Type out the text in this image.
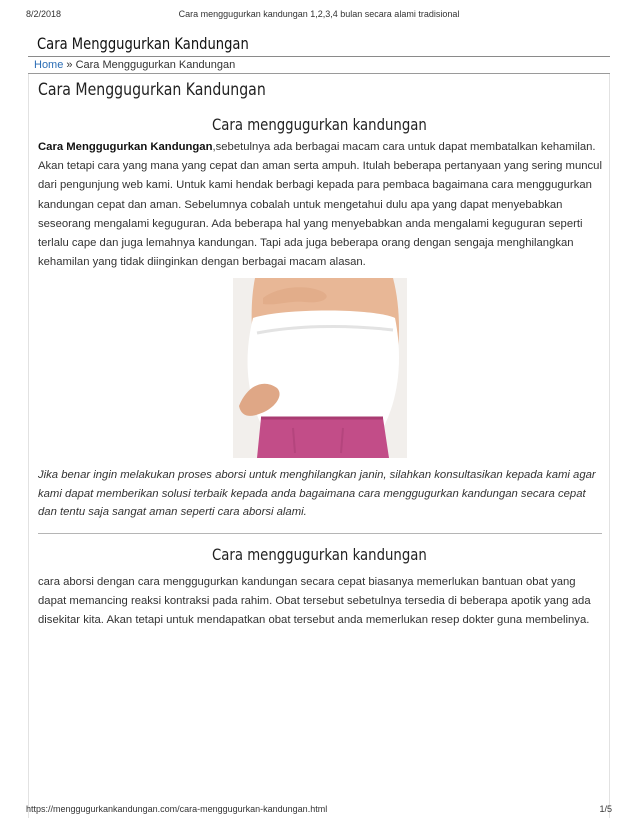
8/2/2018	Cara menggugurkan kandungan 1,2,3,4 bulan secara alami tradisional
Cara Menggugurkan Kandungan
Home » Cara Menggugurkan Kandungan
Cara Menggugurkan Kandungan
Cara menggugurkan kandungan

Cara Menggugurkan Kandungan,sebetulnya ada berbagai macam cara untuk dapat membatalkan kehamilan. Akan tetapi cara yang mana yang cepat dan aman serta ampuh. Itulah beberapa pertanyaan yang sering muncul dari pengunjung web kami. Untuk kami hendak berbagi kepada para pembaca bagaimana cara menggugurkan kandungan cepat dan aman. Sebelumnya cobalah untuk mengetahui dulu apa yang dapat menyebabkan seseorang mengalami keguguran. Ada beberapa hal yang menyebabkan anda mengalami keguguran seperti terlalu cape dan juga lemahnya kandungan. Tapi ada juga beberapa orang dengan sengaja menghilangkan kehamilan yang tidak diinginkan dengan berbagai macam alasan.

Jika benar ingin melakukan proses aborsi untuk menghilangkan janin, silahkan konsultasikan kepada kami agar kami dapat memberikan solusi terbaik kepada anda bagaimana cara menggugurkan kandungan secara cepat dan tentu saja sangat aman seperti cara aborsi alami.

Cara menggugurkan kandungan

cara aborsi dengan cara menggugurkan kandungan secara cepat biasanya memerlukan bantuan obat yang dapat memancing reaksi kontraksi pada rahim. Obat tersebut sebetulnya tersedia di beberapa apotik yang ada disekitar kita. Akan tetapi untuk mendapatkan obat tersebut anda memerlukan resep dokter guna membelinya.

https://menggugurkankandungan.com/cara-menggugurkan-kandungan.html	1/5
